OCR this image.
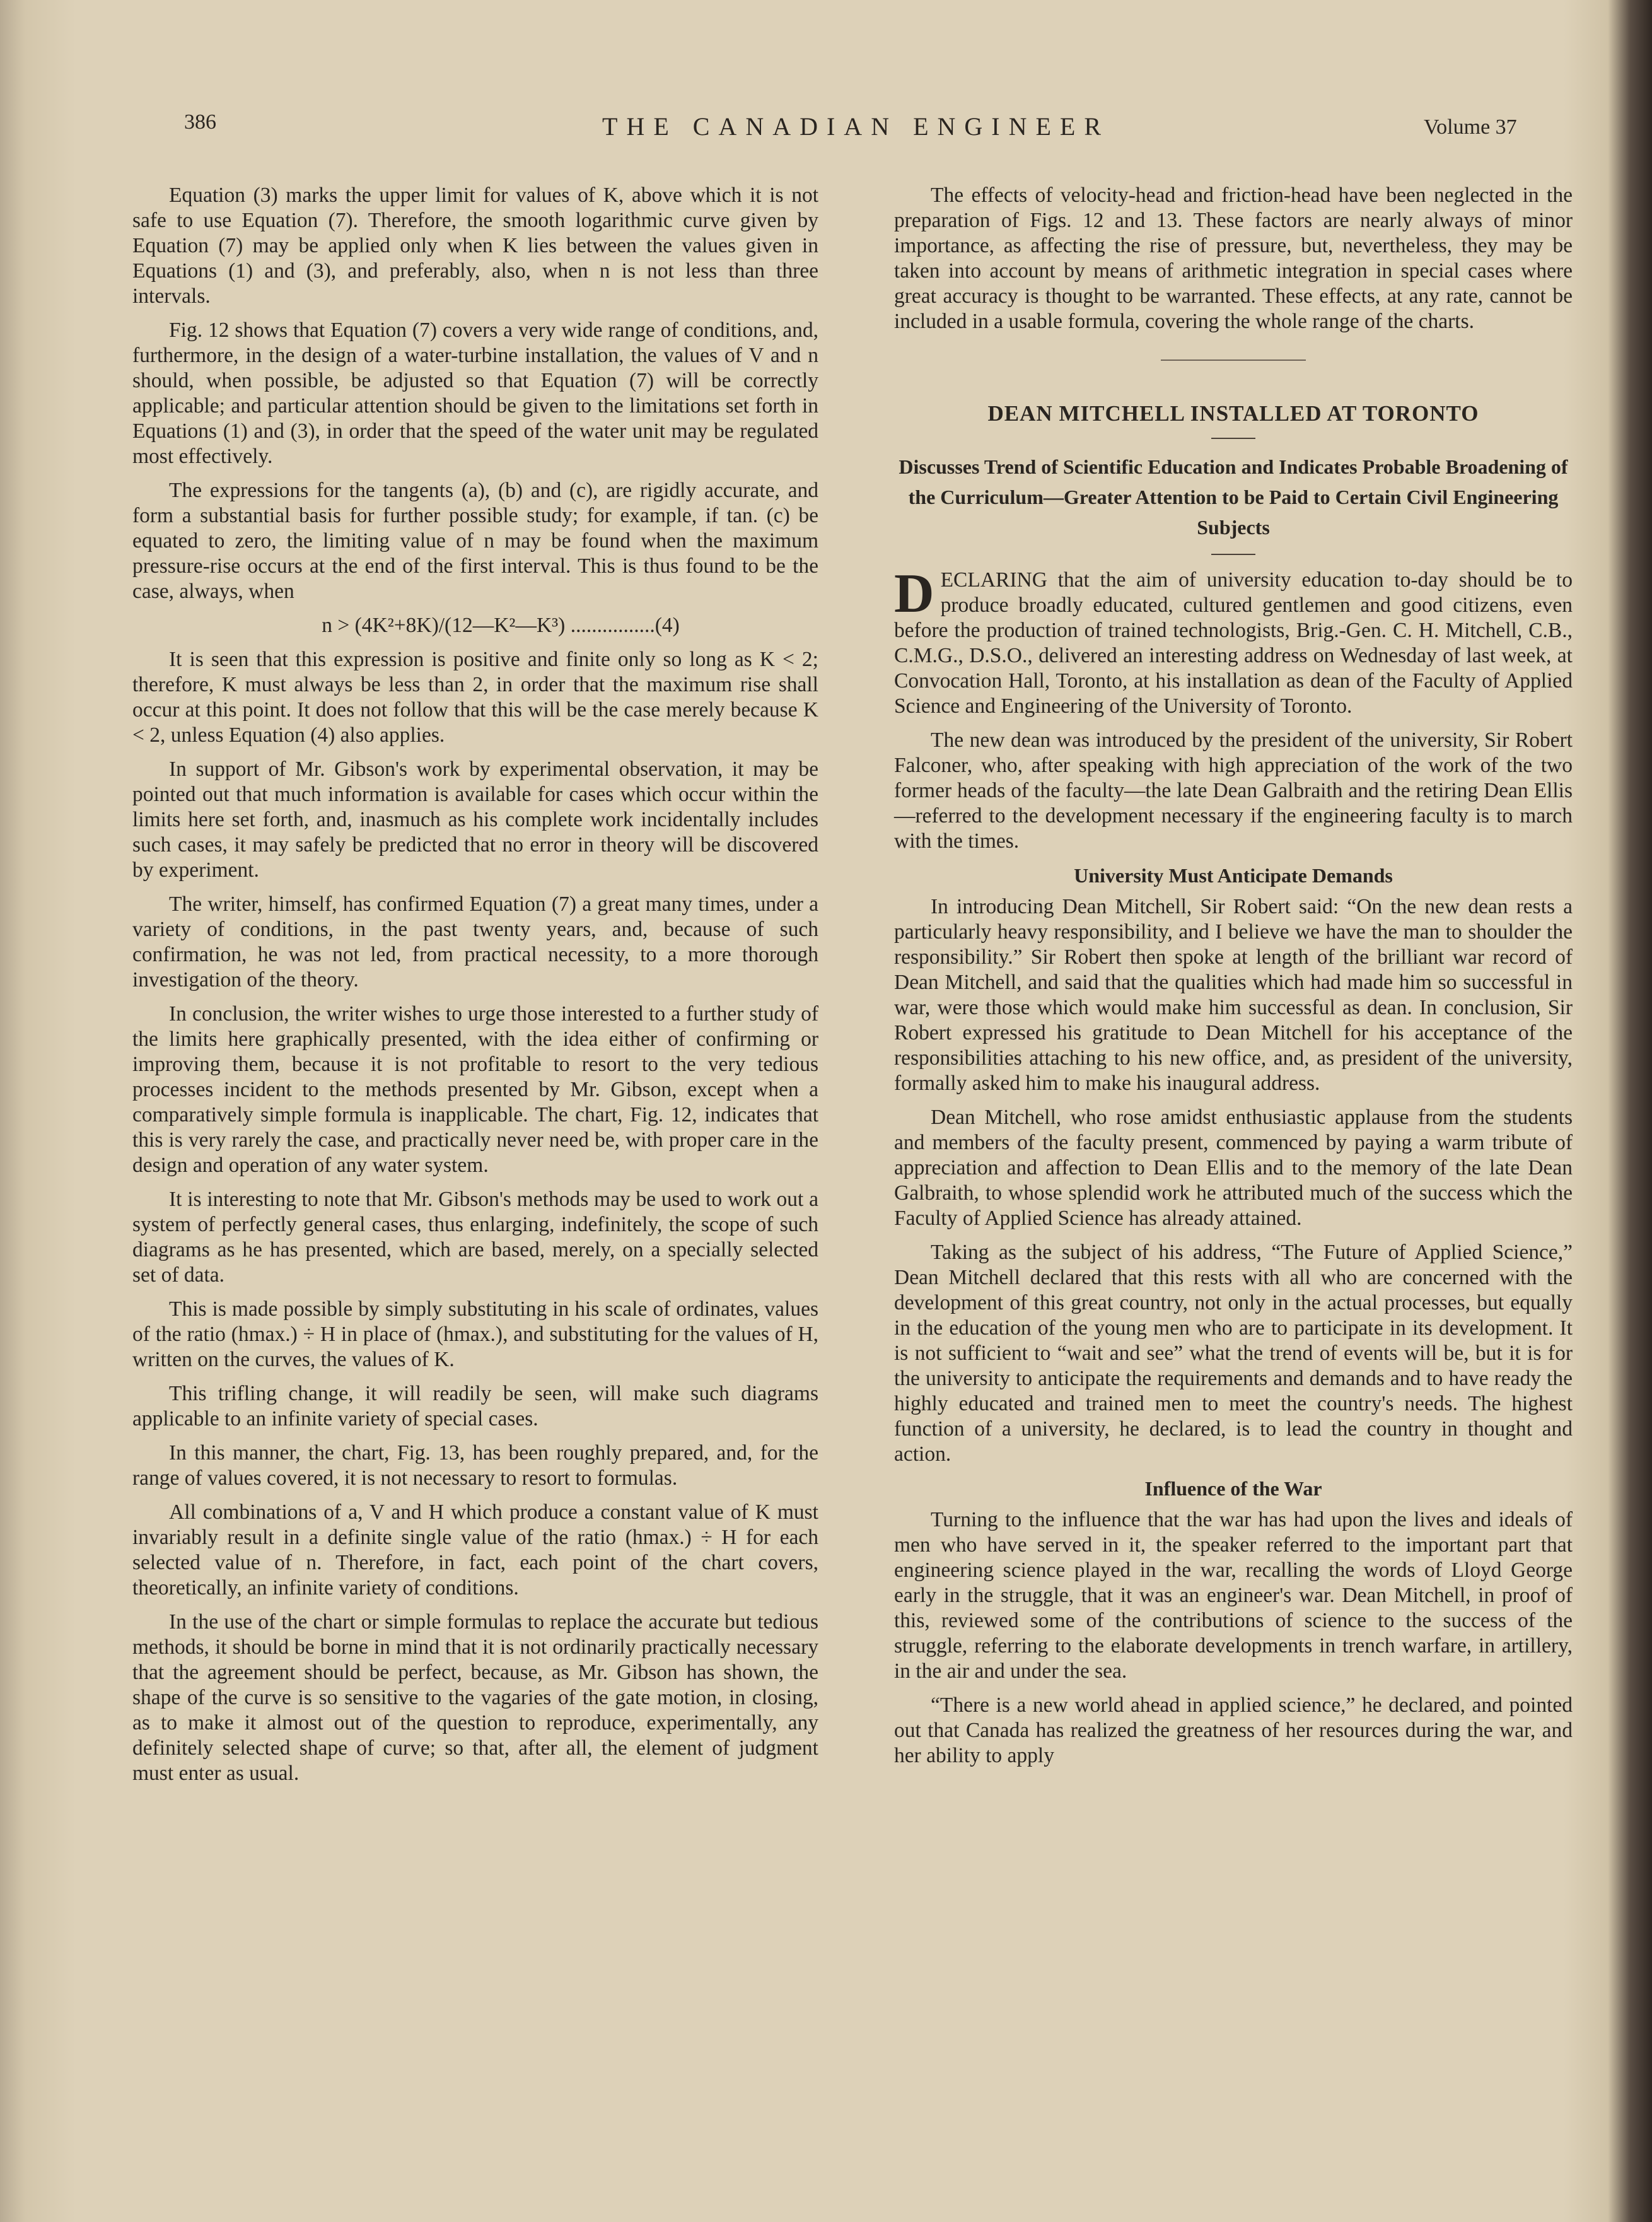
386	THE CANADIAN ENGINEER	Volume 37

Equation (3) marks the upper limit for values of K, above which it is not safe to use Equation (7). Therefore, the smooth logarithmic curve given by Equation (7) may be applied only when K lies between the values given in Equations (1) and (3), and preferably, also, when n is not less than three intervals.

Fig. 12 shows that Equation (7) covers a very wide range of conditions, and, furthermore, in the design of a water-turbine installation, the values of V and n should, when possible, be adjusted so that Equation (7) will be correctly applicable; and particular attention should be given to the limitations set forth in Equations (1) and (3), in order that the speed of the water unit may be regulated most effectively.

The expressions for the tangents (a), (b) and (c), are rigidly accurate, and form a substantial basis for further possible study; for example, if tan. (c) be equated to zero, the limiting value of n may be found when the maximum pressure-rise occurs at the end of the first interval. This is thus found to be the case, always, when

n > (4K²+8K)/(12—K²—K³) ................(4)

It is seen that this expression is positive and finite only so long as K < 2; therefore, K must always be less than 2, in order that the maximum rise shall occur at this point. It does not follow that this will be the case merely because K < 2, unless Equation (4) also applies.

In support of Mr. Gibson's work by experimental observation, it may be pointed out that much information is available for cases which occur within the limits here set forth, and, inasmuch as his complete work incidentally includes such cases, it may safely be predicted that no error in theory will be discovered by experiment.

The writer, himself, has confirmed Equation (7) a great many times, under a variety of conditions, in the past twenty years, and, because of such confirmation, he was not led, from practical necessity, to a more thorough investigation of the theory.

In conclusion, the writer wishes to urge those interested to a further study of the limits here graphically presented, with the idea either of confirming or improving them, because it is not profitable to resort to the very tedious processes incident to the methods presented by Mr. Gibson, except when a comparatively simple formula is inapplicable. The chart, Fig. 12, indicates that this is very rarely the case, and practically never need be, with proper care in the design and operation of any water system.

It is interesting to note that Mr. Gibson's methods may be used to work out a system of perfectly general cases, thus enlarging, indefinitely, the scope of such diagrams as he has presented, which are based, merely, on a specially selected set of data.

This is made possible by simply substituting in his scale of ordinates, values of the ratio (hmax.) ÷ H in place of (hmax.), and substituting for the values of H, written on the curves, the values of K.

This trifling change, it will readily be seen, will make such diagrams applicable to an infinite variety of special cases.

In this manner, the chart, Fig. 13, has been roughly prepared, and, for the range of values covered, it is not necessary to resort to formulas.

All combinations of a, V and H which produce a constant value of K must invariably result in a definite single value of the ratio (hmax.) ÷ H for each selected value of n. Therefore, in fact, each point of the chart covers, theoretically, an infinite variety of conditions.

In the use of the chart or simple formulas to replace the accurate but tedious methods, it should be borne in mind that it is not ordinarily practically necessary that the agreement should be perfect, because, as Mr. Gibson has shown, the shape of the curve is so sensitive to the vagaries of the gate motion, in closing, as to make it almost out of the question to reproduce, experimentally, any definitely selected shape of curve; so that, after all, the element of judgment must enter as usual.

The effects of velocity-head and friction-head have been neglected in the preparation of Figs. 12 and 13. These factors are nearly always of minor importance, as affecting the rise of pressure, but, nevertheless, they may be taken into account by means of arithmetic integration in special cases where great accuracy is thought to be warranted. These effects, at any rate, cannot be included in a usable formula, covering the whole range of the charts.

DEAN MITCHELL INSTALLED AT TORONTO
Discusses Trend of Scientific Education and Indicates Probable Broadening of the Curriculum—Greater Attention to be Paid to Certain Civil Engineering Subjects

DECLARING that the aim of university education to-day should be to produce broadly educated, cultured gentlemen and good citizens, even before the production of trained technologists, Brig.-Gen. C. H. Mitchell, C.B., C.M.G., D.S.O., delivered an interesting address on Wednesday of last week, at Convocation Hall, Toronto, at his installation as dean of the Faculty of Applied Science and Engineering of the University of Toronto.

The new dean was introduced by the president of the university, Sir Robert Falconer, who, after speaking with high appreciation of the work of the two former heads of the faculty—the late Dean Galbraith and the retiring Dean Ellis—referred to the development necessary if the engineering faculty is to march with the times.

University Must Anticipate Demands

In introducing Dean Mitchell, Sir Robert said: “On the new dean rests a particularly heavy responsibility, and I believe we have the man to shoulder the responsibility.” Sir Robert then spoke at length of the brilliant war record of Dean Mitchell, and said that the qualities which had made him so successful in war, were those which would make him successful as dean. In conclusion, Sir Robert expressed his gratitude to Dean Mitchell for his acceptance of the responsibilities attaching to his new office, and, as president of the university, formally asked him to make his inaugural address.

Dean Mitchell, who rose amidst enthusiastic applause from the students and members of the faculty present, commenced by paying a warm tribute of appreciation and affection to Dean Ellis and to the memory of the late Dean Galbraith, to whose splendid work he attributed much of the success which the Faculty of Applied Science has already attained.

Taking as the subject of his address, “The Future of Applied Science,” Dean Mitchell declared that this rests with all who are concerned with the development of this great country, not only in the actual processes, but equally in the education of the young men who are to participate in its development. It is not sufficient to “wait and see” what the trend of events will be, but it is for the university to anticipate the requirements and demands and to have ready the highly educated and trained men to meet the country's needs. The highest function of a university, he declared, is to lead the country in thought and action.

Influence of the War

Turning to the influence that the war has had upon the lives and ideals of men who have served in it, the speaker referred to the important part that engineering science played in the war, recalling the words of Lloyd George early in the struggle, that it was an engineer's war. Dean Mitchell, in proof of this, reviewed some of the contributions of science to the success of the struggle, referring to the elaborate developments in trench warfare, in artillery, in the air and under the sea.

“There is a new world ahead in applied science,” he declared, and pointed out that Canada has realized the greatness of her resources during the war, and her ability to apply
